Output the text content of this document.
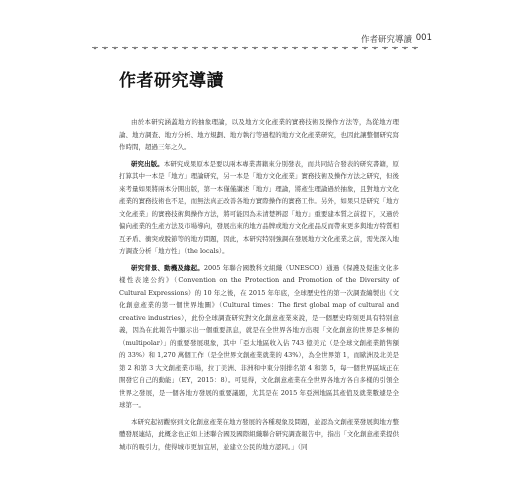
作者研究導讀 001
作者研究導讀

由於本研究涵蓋地方的抽象理論，以及地方文化產業的實務技術及操作方法等，為從地方理論、地方調查、地方分析、地方規劃、地方執行等過程的地方文化產業研究，也因此讓整個研究寫作時間，超過三年之久。

研究出版。本研究成果原本是要以兩本專業書籍來分別發表，而共同結合發表的研究書籍，原打算其中一本是「地方」理論研究，另一本是「地方文化產業」實務技術及操作方法之研究，但後來考量如果將兩本分開出版，第一本僅僅講述「地方」理論，將產生理論過於抽象，且對地方文化產業的實務技術也不足，而無法真正改善各地方實際操作的實務工作。另外，如果只是研究「地方文化產業」的實務技術與操作方法，將可能因為未清楚辨認「地方」重要建本質之前提下，又過於偏向產業的生產方法及市場導向，發展出來的地方品牌或地方文化產品反而帶來更多與地方特質相互矛盾、衝突或脫節等的地方問題，因此，本研究特別強調在發展地方文化產業之前，需先深入地方調查分析「地方性」（the locals）。

研究背景、動機及緣起。2005 年聯合國教科文組織（UNESCO）通過《保護及促進文化多樣性表達公約》（Convention on the Protection and Promotion of the Diversity of Cultural Expressions）的 10 年之後，在 2015 年年底，全球歷史性的第一次調查編製出《文化創意產業的第一個世界地圖》（Cultural times：The first global map of cultural and creative industries），此份全球調查研究對文化創意產業來說，是一個歷史時刻更具有特別意義，因為在此報告中顯示出一個重要訊息，就是在全世界各地方出現「文化創意的世界是多極的（multipolar）」的重要發展現象，其中「亞太地區收入佔 743 億美元（是全球文創產業銷售額的 33%）和 1,270 萬個工作（是全世界文創產業就業的 43%），為全世界第 1，而歐洲及北美是第 2 和第 3 大文創產業市場，拉丁美洲、非洲和中東分別排名第 4 和第 5，每一個世界區域正在開發它自己的動能」（EY，2015：8）。可見得，文化創意產業在全世界各地方各自多樣的引領全世界之發展，是一個各地方發展的重要議題，尤其是在 2015 年亞洲地區其產值及就業數遽是全球第一。

本研究起初觀察到文化創意產業在地方發展的各種現象及問題，並認為文創產業發展與地方整體發展連結，此概念也正如上述聯合國及國際組織聯合研究調查報告中，指出「文化創意產業提供城市的吸引力，使得城市更加宜居，並建立公民的地方認同。」（同
